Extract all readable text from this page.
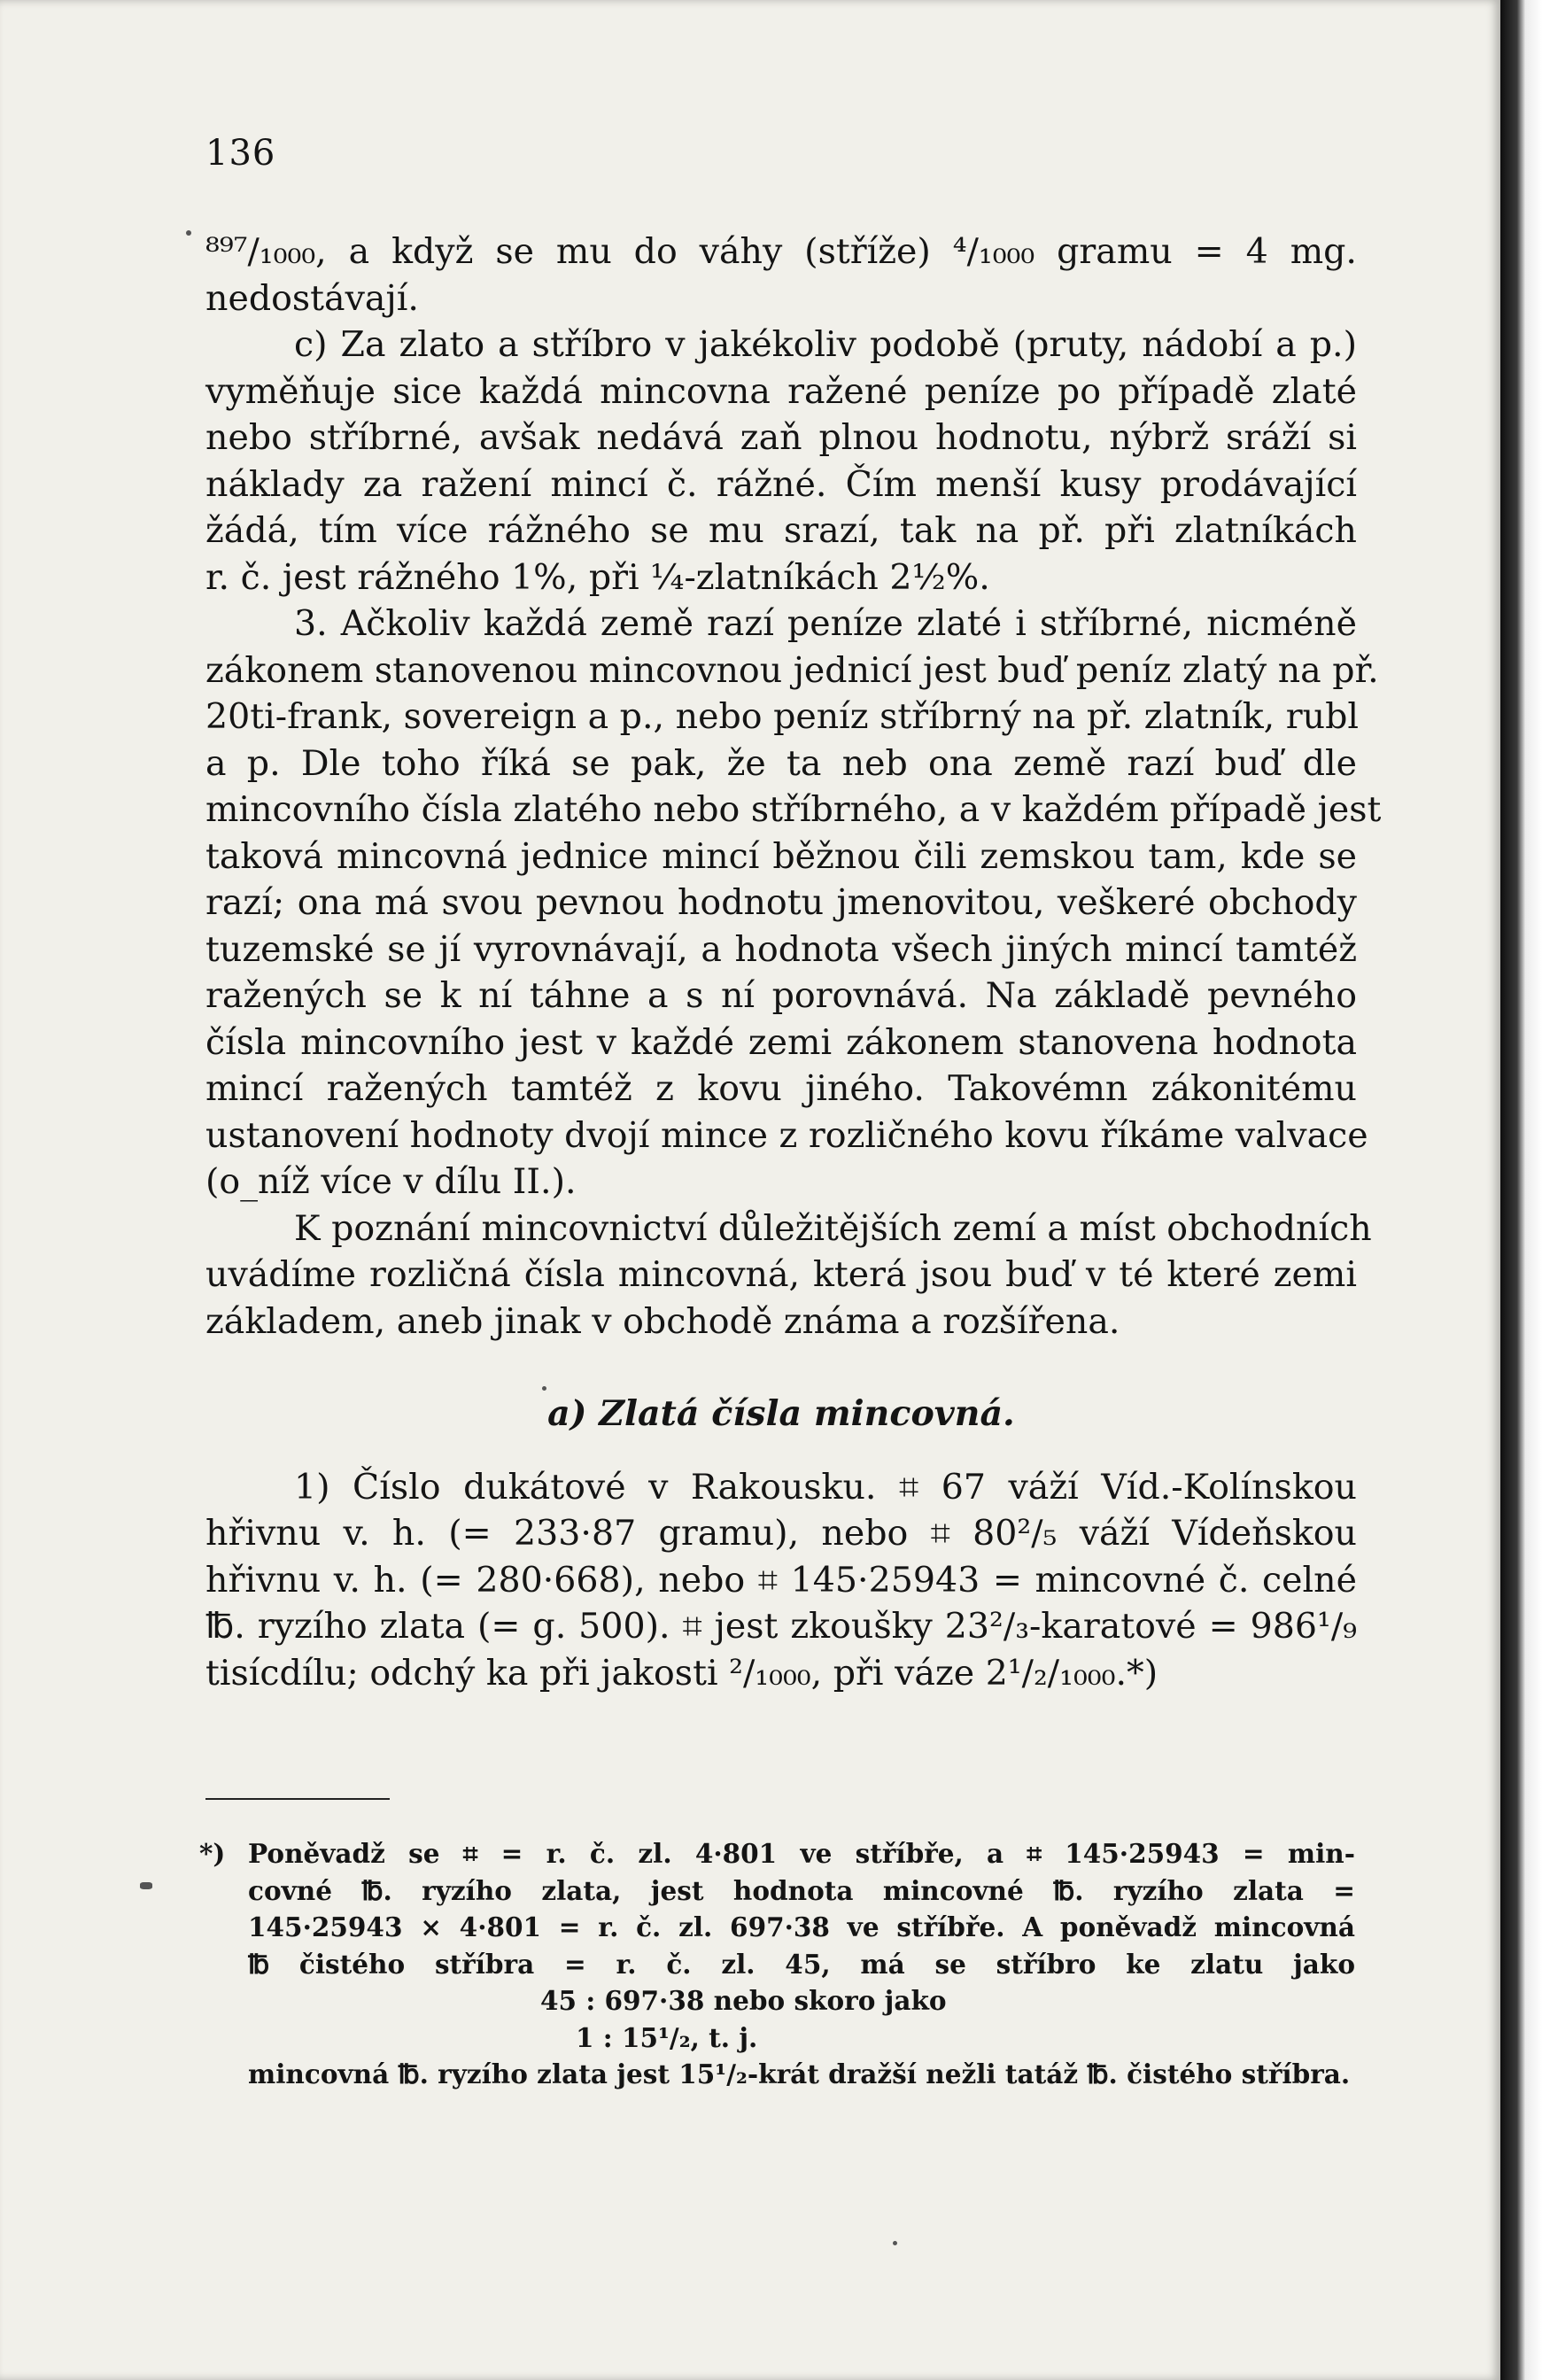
136
⁸⁹⁷/₁₀₀₀, a když se mu do váhy (stříže) ⁴/₁₀₀₀ gramu = 4 mg.
nedostávají.
c) Za zlato a stříbro v jakékoliv podobě (pruty, nádobí a p.)
vyměňuje sice každá mincovna ražené peníze po případě zlaté
nebo stříbrné, avšak nedává zaň plnou hodnotu, nýbrž sráží si
náklady za ražení mincí č. rážné. Čím menší kusy prodávající
žádá, tím více rážného se mu srazí, tak na př. při zlatníkách
r. č. jest rážného 1%, při ¼-zlatníkách 2½%.
3. Ačkoliv každá země razí peníze zlaté i stříbrné, nicméně
zákonem stanovenou mincovnou jednicí jest buď peníz zlatý na př.
20ti-frank, sovereign a p., nebo peníz stříbrný na př. zlatník, rubl
a p. Dle toho říká se pak, že ta neb ona země razí buď dle
mincovního čísla zlatého nebo stříbrného, a v každém případě jest
taková mincovná jednice mincí běžnou čili zemskou tam, kde se
razí; ona má svou pevnou hodnotu jmenovitou, veškeré obchody
tuzemské se jí vyrovnávají, a hodnota všech jiných mincí tamtéž
ražených se k ní táhne a s ní porovnává. Na základě pevného
čísla mincovního jest v každé zemi zákonem stanovena hodnota
mincí ražených tamtéž z kovu jiného. Takovémn zákonitému
ustanovení hodnoty dvojí mince z rozličného kovu říkáme valvace
(o_níž více v dílu II.).
K poznání mincovnictví důležitějších zemí a míst obchodních
uvádíme rozličná čísla mincovná, která jsou buď v té které zemi
základem, aneb jinak v obchodě známa a rozšířena.
a) Zlatá čísla mincovná.
1) Číslo dukátové v Rakousku. ⌗ 67 váží Víd.-Kolínskou
hřivnu v. h. (= 233·87 gramu), nebo ⌗ 80²/₅ váží Vídeňskou
hřivnu v. h. (= 280·668), nebo ⌗ 145·25943 = mincovné č. celné
℔. ryzího zlata (= g. 500). ⌗ jest zkoušky 23²/₃-karatové = 986¹/₉
tisícdílu; odchý ka při jakosti ²/₁₀₀₀, při váze 2¹/₂/₁₀₀₀.*)
*) Poněvadž se ⌗ = r. č. zl. 4·801 ve stříbře, a ⌗ 145·25943 = min-
covné ℔. ryzího zlata, jest hodnota mincovné ℔. ryzího zlata =
145·25943 × 4·801 = r. č. zl. 697·38 ve stříbře. A poněvadž mincovná
℔ čistého stříbra = r. č. zl. 45, má se stříbro ke zlatu jako
45 : 697·38 nebo skoro jako
1 : 15¹/₂, t. j.
mincovná ℔. ryzího zlata jest 15¹/₂-krát dražší nežli tatáž ℔. čistého stříbra.
